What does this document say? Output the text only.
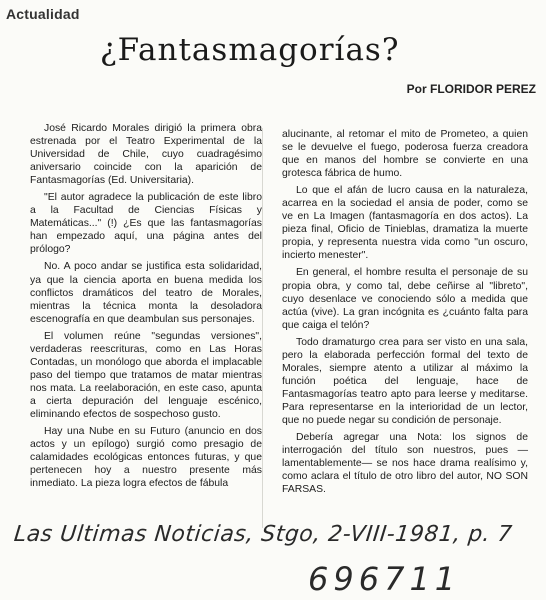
Actualidad
¿Fantasmagorías?
Por FLORIDOR PEREZ

José Ricardo Morales dirigió la primera obra estrenada por el Teatro Experimental de la Universidad de Chile, cuyo cuadragésimo aniversario coincide con la aparición de Fantasmagorías (Ed. Universitaria).

"El autor agradece la publicación de este libro a la Facultad de Ciencias Físicas y Matemáticas..." (!) ¿Es que las fantasmagorías han empezado aquí, una página antes del prólogo?

No. A poco andar se justifica esta solidaridad, ya que la ciencia aporta en buena medida los conflictos dramáticos del teatro de Morales, mientras la técnica monta la desoladora escenografía en que deambulan sus personajes.

El volumen reúne "segundas versiones", verdaderas reescrituras, como en Las Horas Contadas, un monólogo que aborda el implacable paso del tiempo que tratamos de matar mientras nos mata. La reelaboración, en este caso, apunta a cierta depuración del lenguaje escénico, eliminando efectos de sospechoso gusto.

Hay una Nube en su Futuro (anuncio en dos actos y un epílogo) surgió como presagio de calamidades ecológicas entonces futuras, y que pertenecen hoy a nuestro presente más inmediato. La pieza logra efectos de fábula

alucinante, al retomar el mito de Prometeo, a quien se le devuelve el fuego, poderosa fuerza creadora que en manos del hombre se convierte en una grotesca fábrica de humo.

Lo que el afán de lucro causa en la naturaleza, acarrea en la sociedad el ansia de poder, como se ve en La Imagen (fantasmagoría en dos actos). La pieza final, Oficio de Tinieblas, dramatiza la muerte propia, y representa nuestra vida como "un oscuro, incierto menester".

En general, el hombre resulta el personaje de su propia obra, y como tal, debe ceñirse al "libreto", cuyo desenlace ve conociendo sólo a medida que actúa (vive). La gran incógnita es ¿cuánto falta para que caiga el telón?

Todo dramaturgo crea para ser visto en una sala, pero la elaborada perfección formal del texto de Morales, siempre atento a utilizar al máximo la función poética del lenguaje, hace de Fantasmagorías teatro apto para leerse y meditarse. Para representarse en la interioridad de un lector, que no puede negar su condición de personaje.

Debería agregar una Nota: los signos de interrogación del título son nuestros, pues —lamentablemente— se nos hace drama realísimo y, como aclara el título de otro libro del autor, NO SON FARSAS.

Las Ultimas Noticias, Stgo, 2-VIII-1981, p. 7
696711
